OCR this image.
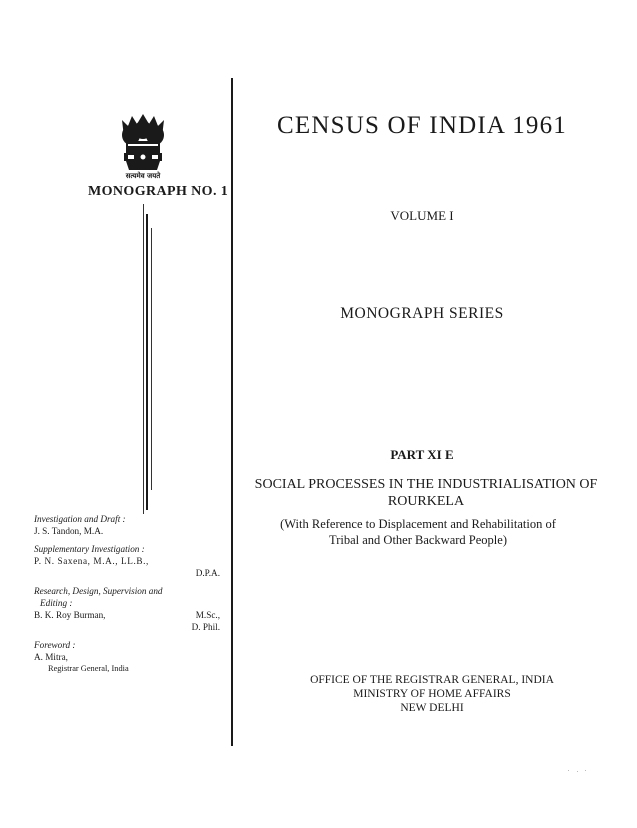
सत्यमेव जयते
MONOGRAPH NO. 1
Investigation and Draft :
J. S. Tandon, M.A.
Supplementary Investigation :
P. N. Saxena, M.A., LL.B.,
D.P.A.
Research, Design, Supervision and
Editing :
B. K. Roy Burman,	M.Sc.,
D. Phil.
Foreword :
A. Mitra,
Registrar General, India
CENSUS OF INDIA 1961
VOLUME I
MONOGRAPH SERIES
PART XI E
SOCIAL PROCESSES IN THE INDUSTRIALISATION OF
ROURKELA
(With Reference to Displacement and Rehabilitation of
Tribal and Other Backward People)
OFFICE OF THE REGISTRAR GENERAL, INDIA
MINISTRY OF HOME AFFAIRS
NEW DELHI
